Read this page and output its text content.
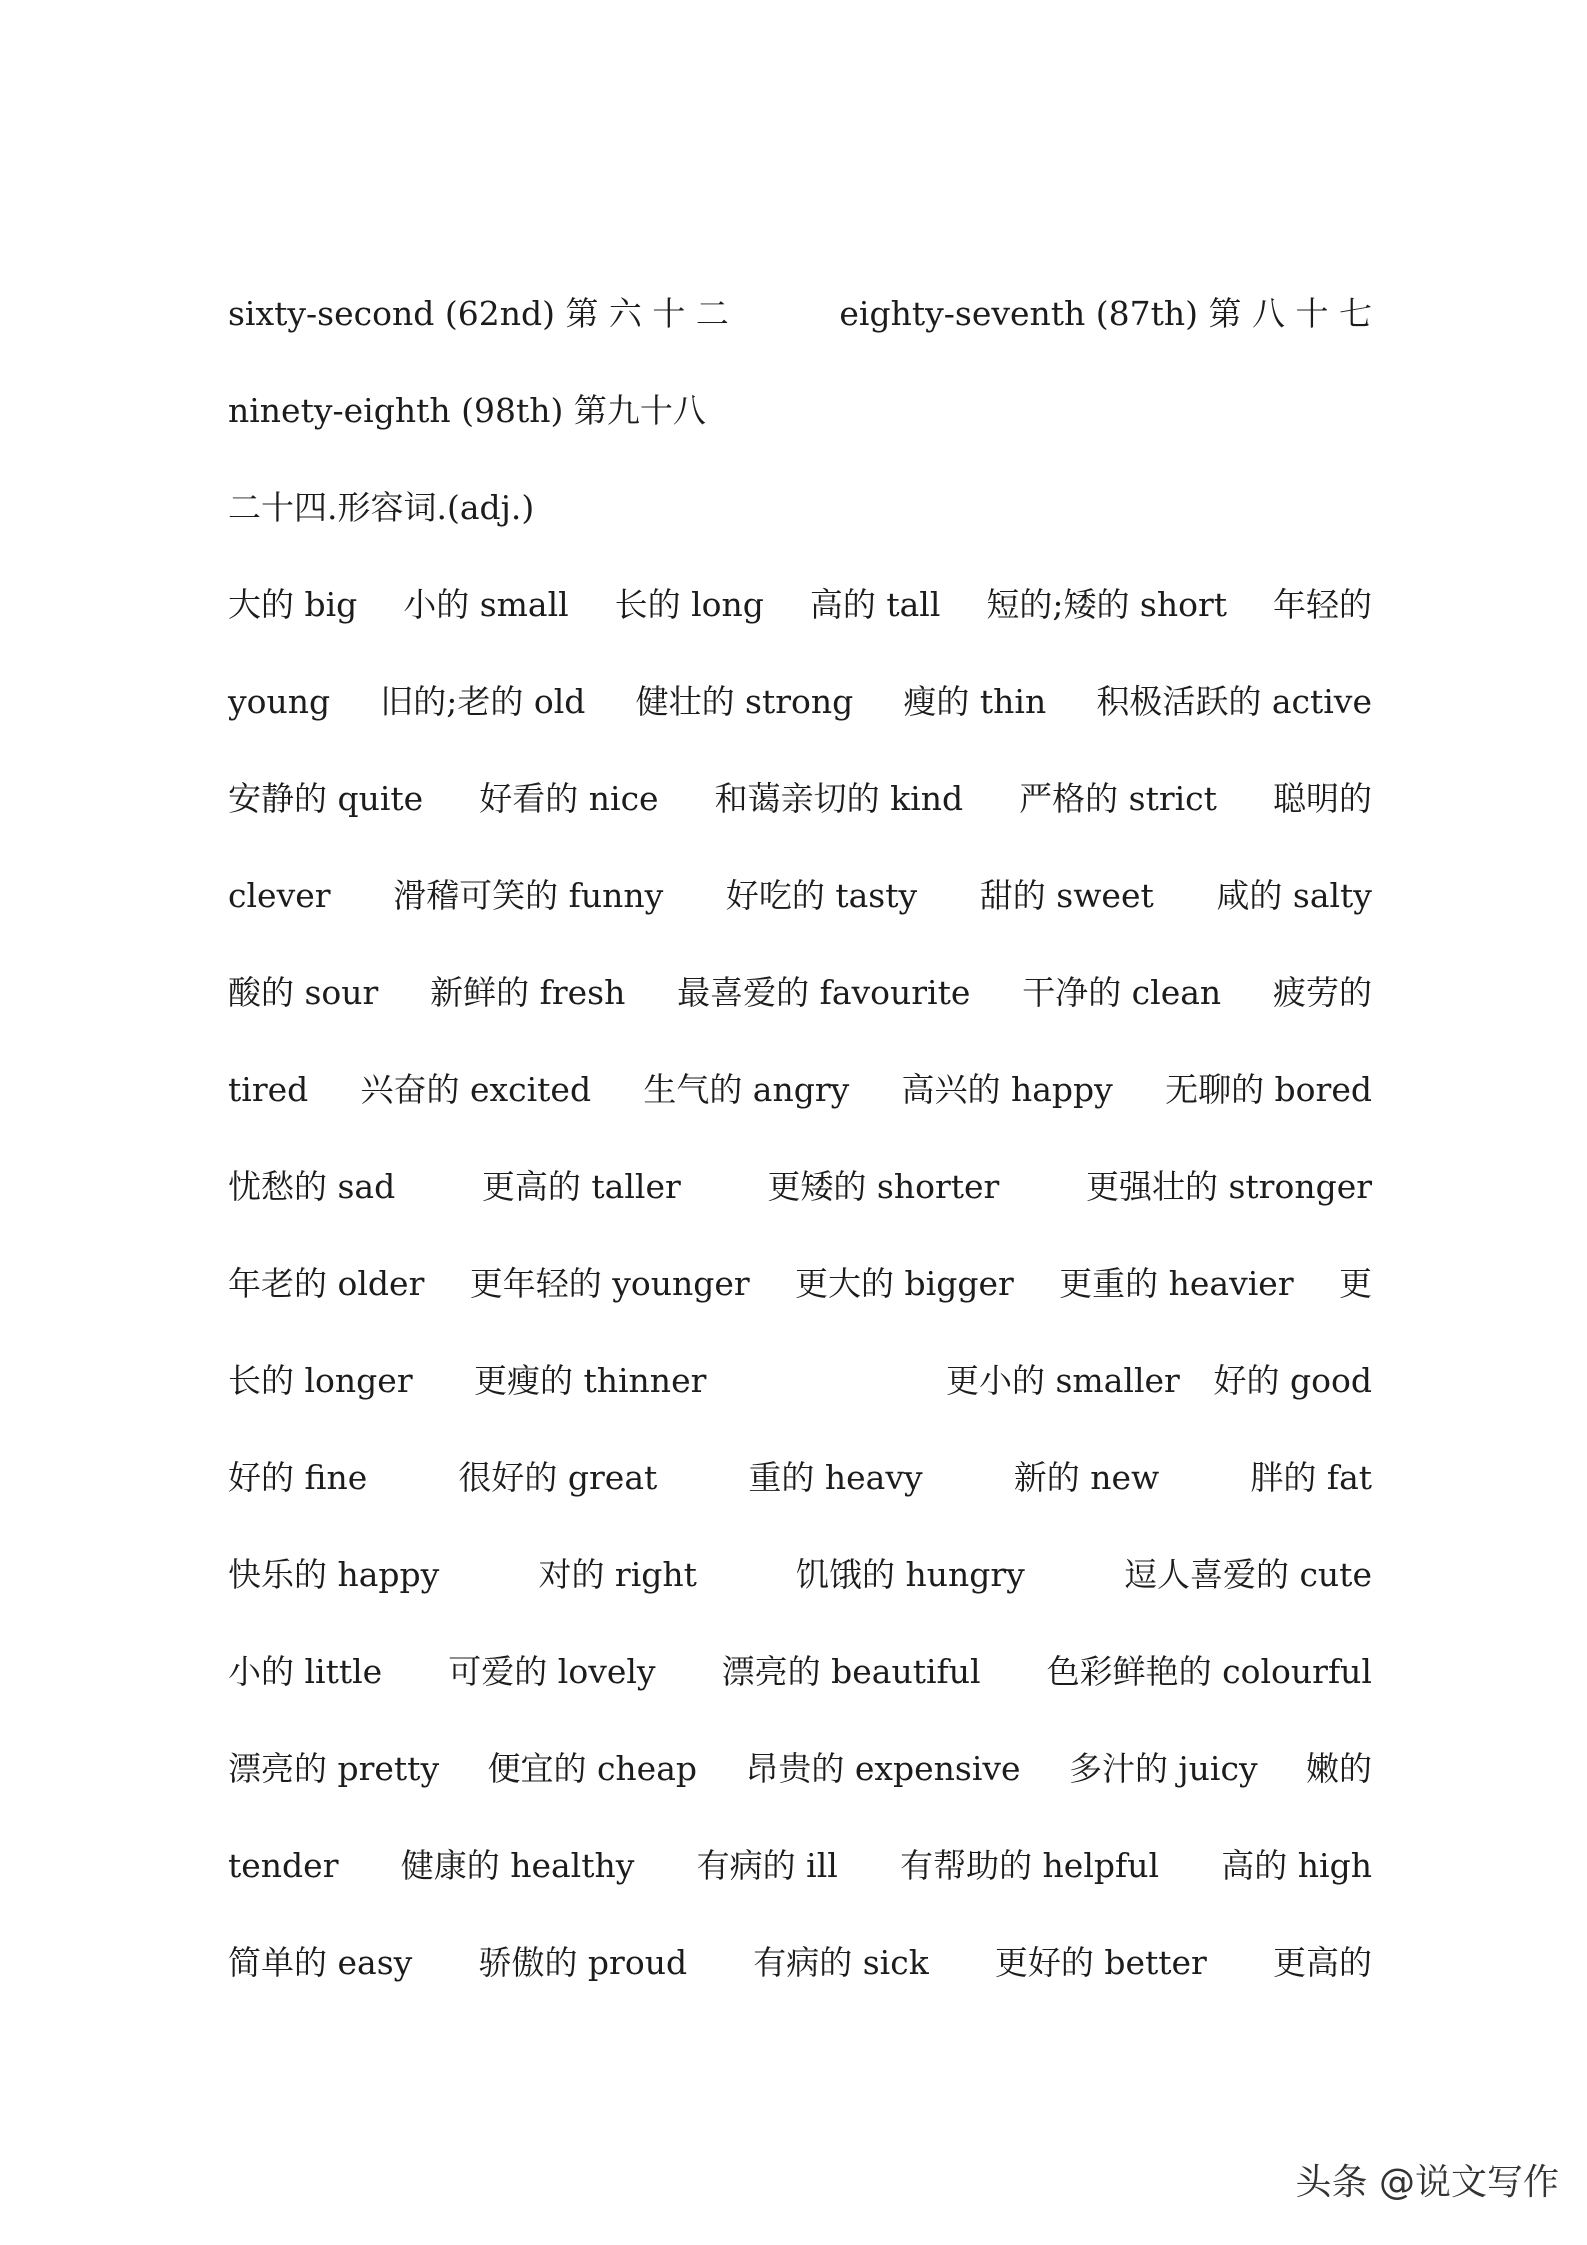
sixty-second (62nd) 第 六 十 二	eighty-seventh (87th) 第 八 十 七
ninety-eighth (98th) 第九十八
二十四.形容词.(adj.)
大的 big 小的 small 长的 long 高的 tall 短的;矮的 short 年轻的
young 旧的;老的 old 健壮的 strong 瘦的 thin 积极活跃的 active
安静的 quite 好看的 nice 和蔼亲切的 kind 严格的 strict 聪明的
clever 滑稽可笑的 funny 好吃的 tasty 甜的 sweet 咸的 salty
酸的 sour 新鲜的 fresh 最喜爱的 favourite 干净的 clean 疲劳的
tired 兴奋的 excited 生气的 angry 高兴的 happy 无聊的 bored
忧愁的 sad	更高的 taller	更矮的 shorter	更强壮的 stronger
年老的 older 更年轻的 younger 更大的 bigger 更重的 heavier 更
长的 longer 更瘦的 thinner	更小的 smaller 好的 good
好的 fine	很好的 great	重的 heavy	新的 new	胖的 fat
快乐的 happy	对的 right	饥饿的 hungry	逗人喜爱的 cute
小的 little 可爱的 lovely 漂亮的 beautiful 色彩鲜艳的 colourful
漂亮的 pretty 便宜的 cheap 昂贵的 expensive 多汁的 juicy 嫩的
tender 健康的 healthy 有病的 ill 有帮助的 helpful 高的 high
简单的 easy 骄傲的 proud 有病的 sick 更好的 better 更高的
头条 @说文写作
